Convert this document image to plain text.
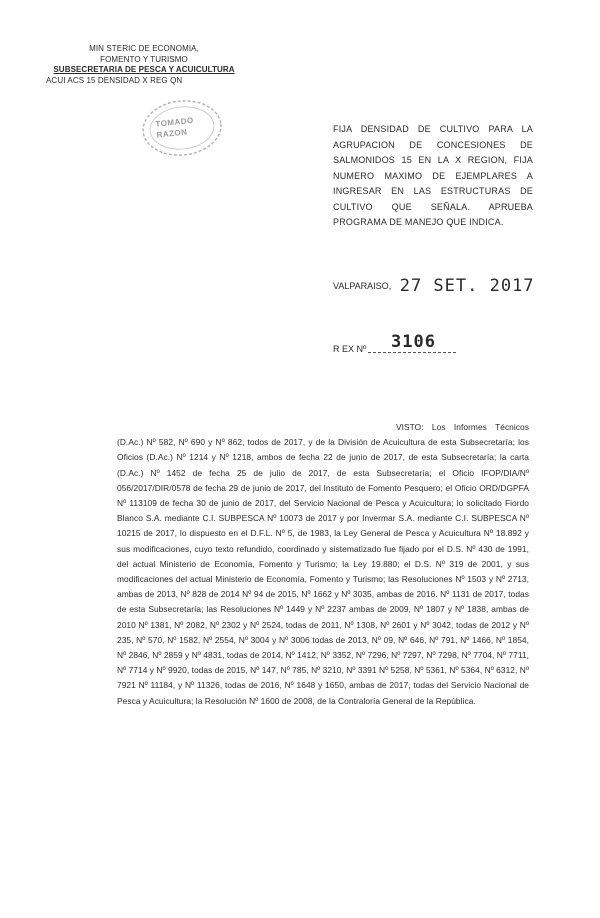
MIN STERIC DE ECONOMIA,
FOMENTO Y TURISMO
SUBSECRETARIA DE PESCA Y ACUICULTURA
ACUI ACS 15 DENSIDAD X REG QN
TOMADO
RAZON	FIJA DENSIDAD DE CULTIVO PARA LA AGRUPACION DE CONCESIONES DE SALMONIDOS 15 EN LA X REGION, FIJA NUMERO MAXIMO DE EJEMPLARES A INGRESAR EN LAS ESTRUCTURAS DE CULTIVO QUE SEÑALA. APRUEBA PROGRAMA DE MANEJO QUE INDICA.
VALPARAISO, 27 SET. 2017
R EX Nº 3106
VISTO: Los Informes Técnicos (D.Ac.) Nº 582, Nº 690 y Nº 862, todos de 2017, y de la División de Acuicultura de esta Subsecretaría; los Oficios (D.Ac.) Nº 1214 y Nº 1218, ambos de fecha 22 de junio de 2017, de esta Subsecretaría; la carta (D.Ac.) Nº 1452 de fecha 25 de julio de 2017, de esta Subsecretaría; el Oficio IFOP/DIA/Nº 056/2017/DIR/0578 de fecha 29 de junio de 2017, del Instituto de Fomento Pesquero; el Oficio ORD/DGPFA Nº 113109 de fecha 30 de junio de 2017, del Servicio Nacional de Pesca y Acuicultura; lo solicitado Fiordo Blanco S.A. mediante C.I. SUBPESCA Nº 10073 de 2017 y por Invermar S.A. mediante C.I. SUBPESCA Nº 10215 de 2017, lo dispuesto en el D.F.L. Nº 5, de 1983, la Ley General de Pesca y Acuicultura Nº 18.892 y sus modificaciones, cuyo texto refundido, coordinado y sistematizado fue fijado por el D.S. Nº 430 de 1991, del actual Ministerio de Economía, Fomento y Turismo; la Ley 19.880; el D.S. Nº 319 de 2001, y sus modificaciones del actual Ministerio de Economía, Fomento y Turismo; las Resoluciones Nº 1503 y Nº 2713, ambas de 2013, Nº 828 de 2014 Nº 94 de 2015, Nº 1662 y Nº 3035, ambas de 2016. Nº 1131 de 2017, todas de esta Subsecretaría; las Resoluciones Nº 1449 y Nº 2237 ambas de 2009, Nº 1807 y Nº 1838, ambas de 2010 Nº 1381, Nº 2082, Nº 2302 y Nº 2524, todas de 2011, Nº 1308, Nº 2601 y Nº 3042, todas de 2012 y Nº 235, Nº 570, Nº 1582, Nº 2554, Nº 3004 y Nº 3006 todas de 2013, Nº 09, Nº 646, Nº 791, Nº 1466, Nº 1854, Nº 2846, Nº 2859 y Nº 4831, todas de 2014, Nº 1412, Nº 3352, Nº 7296, Nº 7297, Nº 7298, Nº 7704, Nº 7711, Nº 7714 y Nº 9920, todas de 2015, Nº 147, Nº 785, Nº 3210, Nº 3391 Nº 5258, Nº 5361, Nº 5364, Nº 6312, Nº 7921 Nº 11184, y Nº 11326, todas de 2016, Nº 1648 y 1650, ambas de 2017, todas del Servicio Nacional de Pesca y Acuicultura; la Resolución Nº 1600 de 2008, de la Contraloría General de la República.
